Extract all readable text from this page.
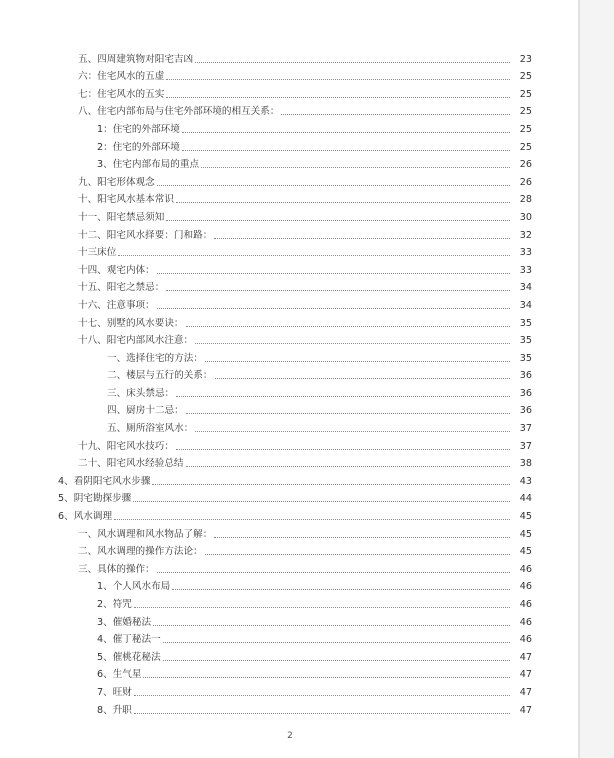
五、四周建筑物对阳宅吉凶	23
六：住宅风水的五虚	25
七：住宅风水的五实	25
八、住宅内部布局与住宅外部环境的相互关系：	25
1：住宅的外部环境	25
2：住宅的外部环境	25
3、住宅内部布局的重点	26
九、阳宅形体观念	26
十、阳宅风水基本常识	28
十一、阳宅禁忌须知	30
十二、阳宅风水择要：门和路：	32
十三床位	33
十四、观宅内体：	33
十五、阳宅之禁忌：	34
十六、注意事项：	34
十七、别墅的风水要诀：	35
十八、阳宅内部风水注意：	35
一、选择住宅的方法：	35
二、楼层与五行的关系：	36
三、床头禁忌：	36
四、厨房十二忌：	36
五、厕所浴室风水：	37
十九、阳宅风水技巧：	37
二十、阳宅风水经验总结	38
4、看阴阳宅风水步骤	43
5、阴宅勘探步骤	44
6、风水调理	45
一、风水调理和风水物品了解：	45
二、风水调理的操作方法论：	45
三、具体的操作：	46
1、个人风水布局	46
2、符咒	46
3、催婚秘法	46
4、催丁秘法一	46
5、催桃花秘法	47
6、生气星	47
7、旺财	47
8、升职	47
2
